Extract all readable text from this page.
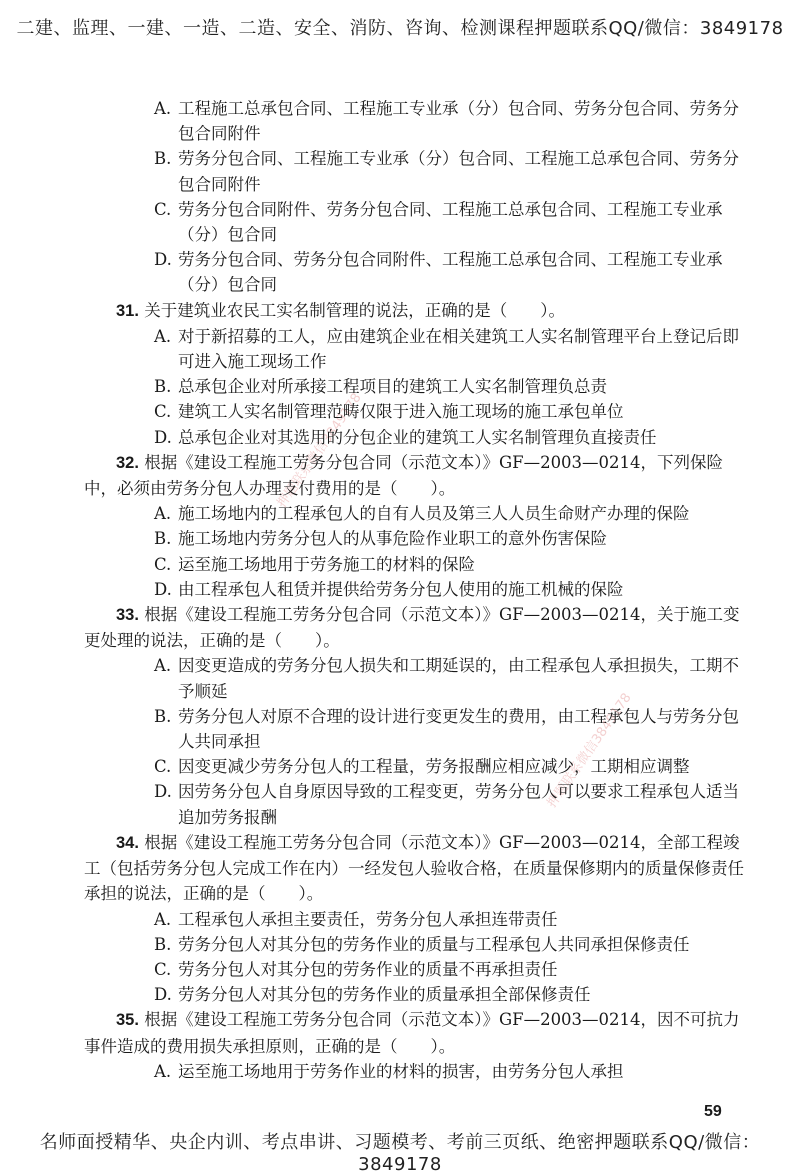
二建、监理、一建、一造、二造、安全、消防、咨询、检测课程押题联系QQ/微信：3849178
押题联系微信3849178
押题联系微信3849178
A. 工程施工总承包合同、工程施工专业承（分）包合同、劳务分包合同、劳务分包合同附件
B. 劳务分包合同、工程施工专业承（分）包合同、工程施工总承包合同、劳务分包合同附件
C. 劳务分包合同附件、劳务分包合同、工程施工总承包合同、工程施工专业承（分）包合同
D. 劳务分包合同、劳务分包合同附件、工程施工总承包合同、工程施工专业承（分）包合同
31. 关于建筑业农民工实名制管理的说法，正确的是（　　）。
A. 对于新招募的工人，应由建筑企业在相关建筑工人实名制管理平台上登记后即可进入施工现场工作
B. 总承包企业对所承接工程项目的建筑工人实名制管理负总责
C. 建筑工人实名制管理范畴仅限于进入施工现场的施工承包单位
D. 总承包企业对其选用的分包企业的建筑工人实名制管理负直接责任
32. 根据《建设工程施工劳务分包合同（示范文本）》GF—2003—0214，下列保险中，必须由劳务分包人办理支付费用的是（　　）。
A. 施工场地内的工程承包人的自有人员及第三人人员生命财产办理的保险
B. 施工场地内劳务分包人的从事危险作业职工的意外伤害保险
C. 运至施工场地用于劳务施工的材料的保险
D. 由工程承包人租赁并提供给劳务分包人使用的施工机械的保险
33. 根据《建设工程施工劳务分包合同（示范文本）》GF—2003—0214，关于施工变更处理的说法，正确的是（　　）。
A. 因变更造成的劳务分包人损失和工期延误的，由工程承包人承担损失，工期不予顺延
B. 劳务分包人对原不合理的设计进行变更发生的费用，由工程承包人与劳务分包人共同承担
C. 因变更减少劳务分包人的工程量，劳务报酬应相应减少，工期相应调整
D. 因劳务分包人自身原因导致的工程变更，劳务分包人可以要求工程承包人适当追加劳务报酬
34. 根据《建设工程施工劳务分包合同（示范文本）》GF—2003—0214，全部工程竣工（包括劳务分包人完成工作在内）一经发包人验收合格，在质量保修期内的质量保修责任承担的说法，正确的是（　　）。
A. 工程承包人承担主要责任，劳务分包人承担连带责任
B. 劳务分包人对其分包的劳务作业的质量与工程承包人共同承担保修责任
C. 劳务分包人对其分包的劳务作业的质量不再承担责任
D. 劳务分包人对其分包的劳务作业的质量承担全部保修责任
35. 根据《建设工程施工劳务分包合同（示范文本）》GF—2003—0214，因不可抗力事件造成的费用损失承担原则，正确的是（　　）。
A. 运至施工场地用于劳务作业的材料的损害，由劳务分包人承担
59
名师面授精华、央企内训、考点串讲、习题模考、考前三页纸、绝密押题联系QQ/微信：3849178
